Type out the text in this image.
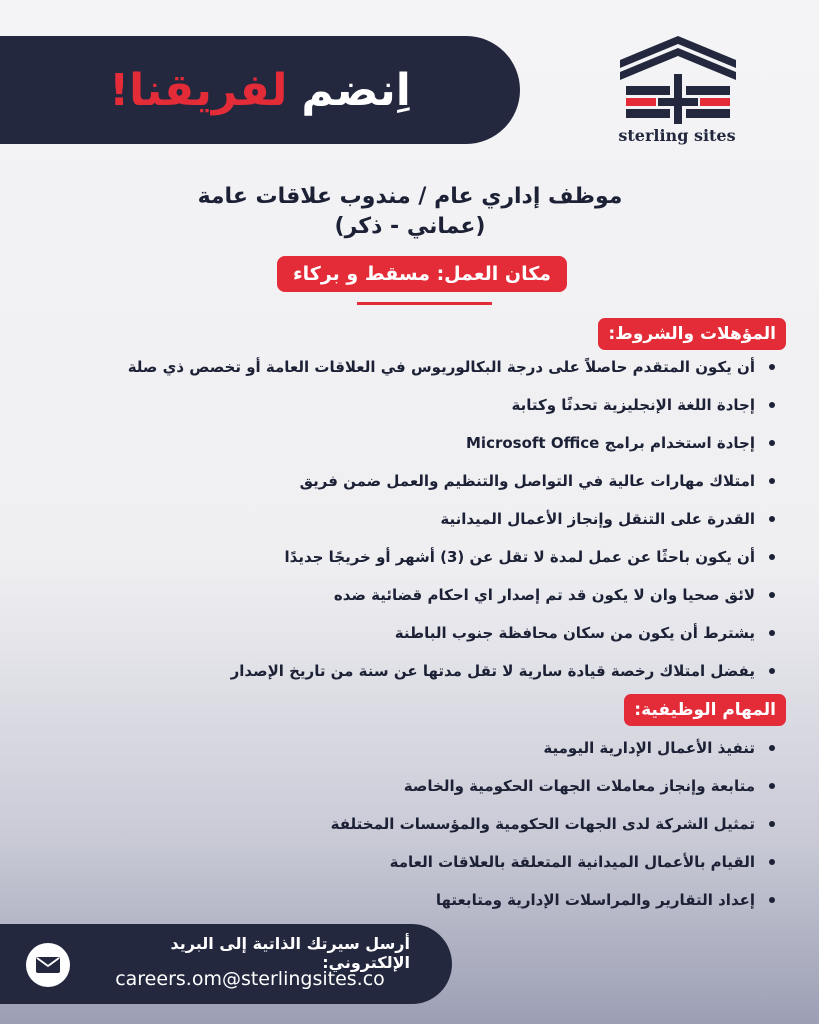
اِنضم
لفريقنا!
sterling sites
موظف إداري عام / مندوب علاقات عامة
(عماني - ذكر)
مكان العمل: مسقط و بركاء
المؤهلات والشروط:
أن يكون المتقدم حاصلاً على درجة البكالوريوس في العلاقات العامة أو تخصص ذي صلة
إجادة اللغة الإنجليزية تحدثًا وكتابة
إجادة استخدام برامج Microsoft Office
امتلاك مهارات عالية في التواصل والتنظيم والعمل ضمن فريق
القدرة على التنقل وإنجاز الأعمال الميدانية
أن يكون باحثًا عن عمل لمدة لا تقل عن (3) أشهر أو خريجًا جديدًا
لائق صحيا وان لا يكون قد تم إصدار اي احكام قضائية ضده
يشترط أن يكون من سكان محافظة جنوب الباطنة
يفضل امتلاك رخصة قيادة سارية لا تقل مدتها عن سنة من تاريخ الإصدار
المهام الوظيفية:
تنفيذ الأعمال الإدارية اليومية
متابعة وإنجاز معاملات الجهات الحكومية والخاصة
تمثيل الشركة لدى الجهات الحكومية والمؤسسات المختلفة
القيام بالأعمال الميدانية المتعلقة بالعلاقات العامة
إعداد التقارير والمراسلات الإدارية ومتابعتها
أرسل سيرتك الذاتية إلى البريد الإلكتروني:
careers.om@sterlingsites.co
